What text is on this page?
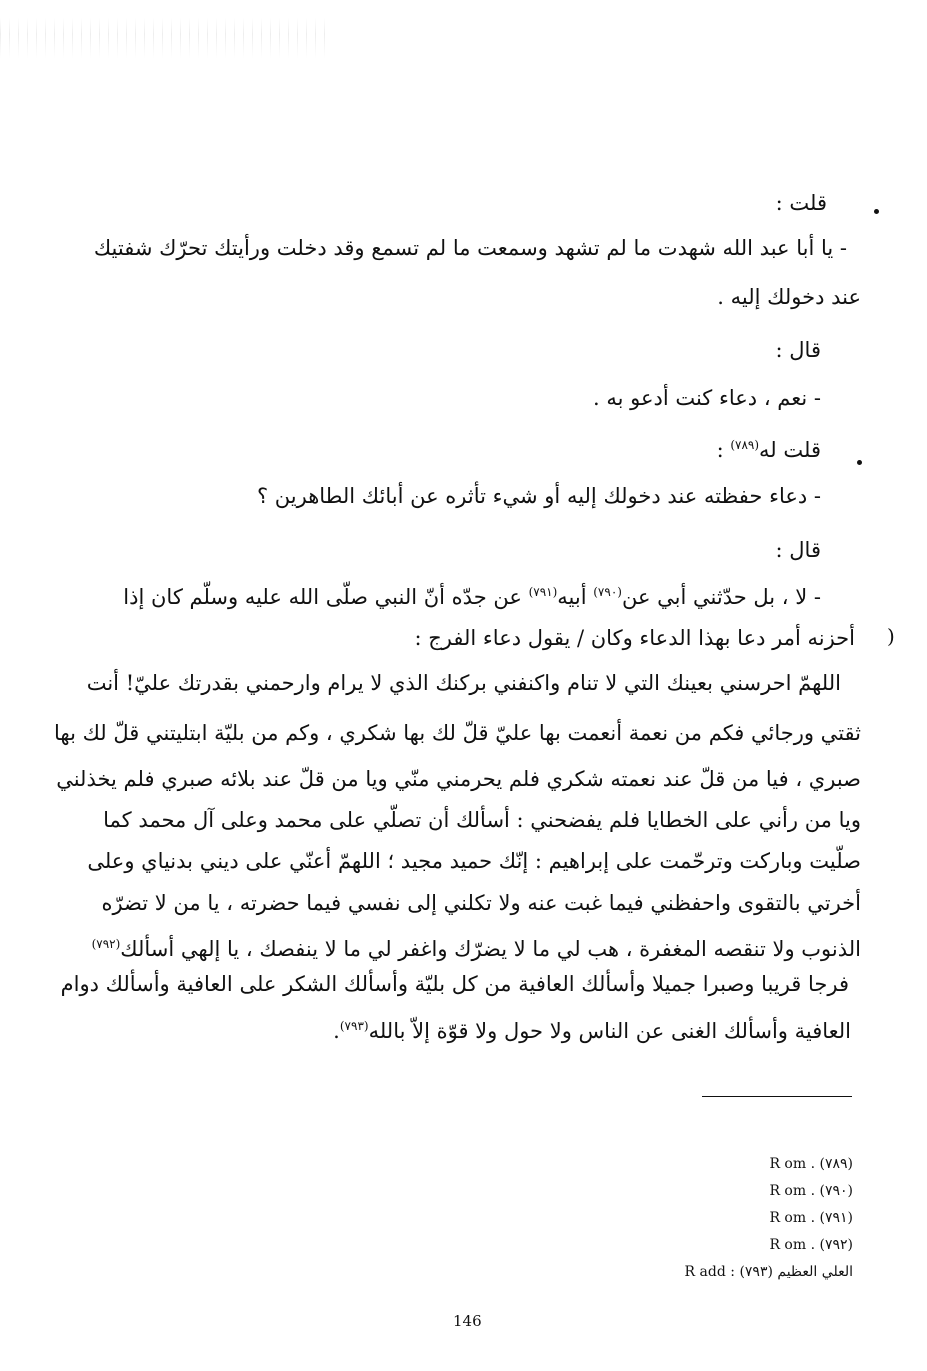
)
قلت :
- يا أبا عبد الله شهدت ما لم تشهد وسمعت ما لم تسمع وقد دخلت ورأيتك تحرّك شفتيك
عند دخولك إليه .
قال :
- نعم ، دعاء كنت أدعو به .
قلت له$^{(٧٨٩)}$ :
- دعاء حفظته عند دخولك إليه أو شيء تأثره عن أبائك الطاهرين ؟
قال :
- لا ، بل حدّثني أبي عن$^{(٧٩٠)}$ أبيه$^{(٧٩١)}$ عن جدّه أنّ النبي صلّى الله عليه وسلّم كان إذا
أحزنه أمر دعا بهذا الدعاء وكان / يقول دعاء الفرج :
اللهمّ احرسني بعينك التي لا تنام واكنفني بركنك الذي لا يرام وارحمني بقدرتك عليّ! أنت
ثقتي ورجائي فكم من نعمة أنعمت بها عليّ قلّ لك بها شكري ، وكم من بليّة ابتليتني قلّ لك بها
صبري ، فيا من قلّ عند نعمته شكري فلم يحرمني منّي ويا من قلّ عند بلائه صبري فلم يخذلني
ويا من رأني على الخطايا فلم يفضحني : أسألك أن تصلّي على محمد وعلى آل محمد كما
صلّيت وباركت وترحّمت على إبراهيم : إنّك حميد مجيد ؛ اللهمّ أعنّي على ديني بدنياي وعلى
أخرتي بالتقوى واحفظني فيما غبت عنه ولا تكلني إلى نفسي فيما حضرته ، يا من لا تضرّه
الذنوب ولا تنقصه المغفرة ، هب لي ما لا يضرّك واغفر لي ما لا ينفصك ، يا إلهي أسألك$^{(٧٩٢)}$
فرجا قريبا وصبرا جميلا وأسألك العافية من كل بليّة وأسألك الشكر على العافية وأسألك دوام
العافية وأسألك الغنى عن الناس ولا حول ولا قوّة إلاّ بالله$^{(٧٩٣)}$.
R om . (٧٨٩)
R om . (٧٩٠)
R om . (٧٩١)
R om . (٧٩٢)
R add : العلي العظيم (٧٩٣)
146
